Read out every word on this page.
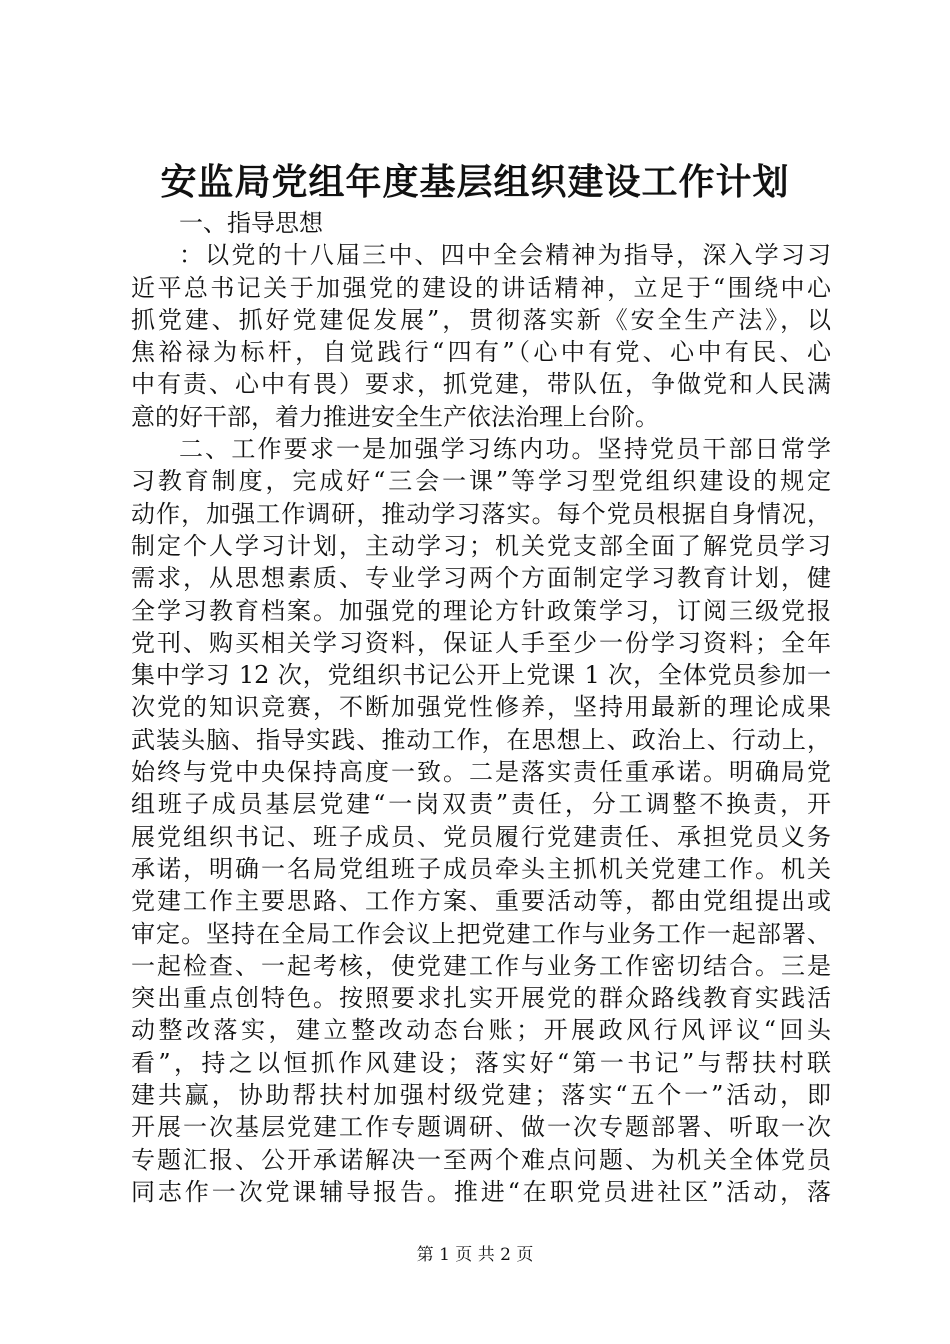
安监局党组年度基层组织建设工作计划
一、指导思想
：以党的十八届三中、四中全会精神为指导，深入学习习
近平总书记关于加强党的建设的讲话精神，立足于“围绕中心
抓党建、抓好党建促发展”，贯彻落实新《安全生产法》，以
焦裕禄为标杆，自觉践行“四有”（心中有党、心中有民、心
中有责、心中有畏）要求，抓党建，带队伍，争做党和人民满
意的好干部，着力推进安全生产依法治理上台阶。
二、工作要求一是加强学习练内功。坚持党员干部日常学
习教育制度，完成好“三会一课”等学习型党组织建设的规定
动作，加强工作调研，推动学习落实。每个党员根据自身情况，
制定个人学习计划，主动学习；机关党支部全面了解党员学习
需求，从思想素质、专业学习两个方面制定学习教育计划，健
全学习教育档案。加强党的理论方针政策学习，订阅三级党报
党刊、购买相关学习资料，保证人手至少一份学习资料；全年
集中学习 12 次，党组织书记公开上党课 1 次，全体党员参加一
次党的知识竞赛，不断加强党性修养，坚持用最新的理论成果
武装头脑、指导实践、推动工作，在思想上、政治上、行动上，
始终与党中央保持高度一致。二是落实责任重承诺。明确局党
组班子成员基层党建“一岗双责”责任，分工调整不换责，开
展党组织书记、班子成员、党员履行党建责任、承担党员义务
承诺，明确一名局党组班子成员牵头主抓机关党建工作。机关
党建工作主要思路、工作方案、重要活动等，都由党组提出或
审定。坚持在全局工作会议上把党建工作与业务工作一起部署、
一起检查、一起考核，使党建工作与业务工作密切结合。三是
突出重点创特色。按照要求扎实开展党的群众路线教育实践活
动整改落实，建立整改动态台账；开展政风行风评议“回头
看”，持之以恒抓作风建设；落实好“第一书记”与帮扶村联
建共赢，协助帮扶村加强村级党建；落实“五个一”活动，即
开展一次基层党建工作专题调研、做一次专题部署、听取一次
专题汇报、公开承诺解决一至两个难点问题、为机关全体党员
同志作一次党课辅导报告。推进“在职党员进社区”活动，落
第 1 页 共 2 页
